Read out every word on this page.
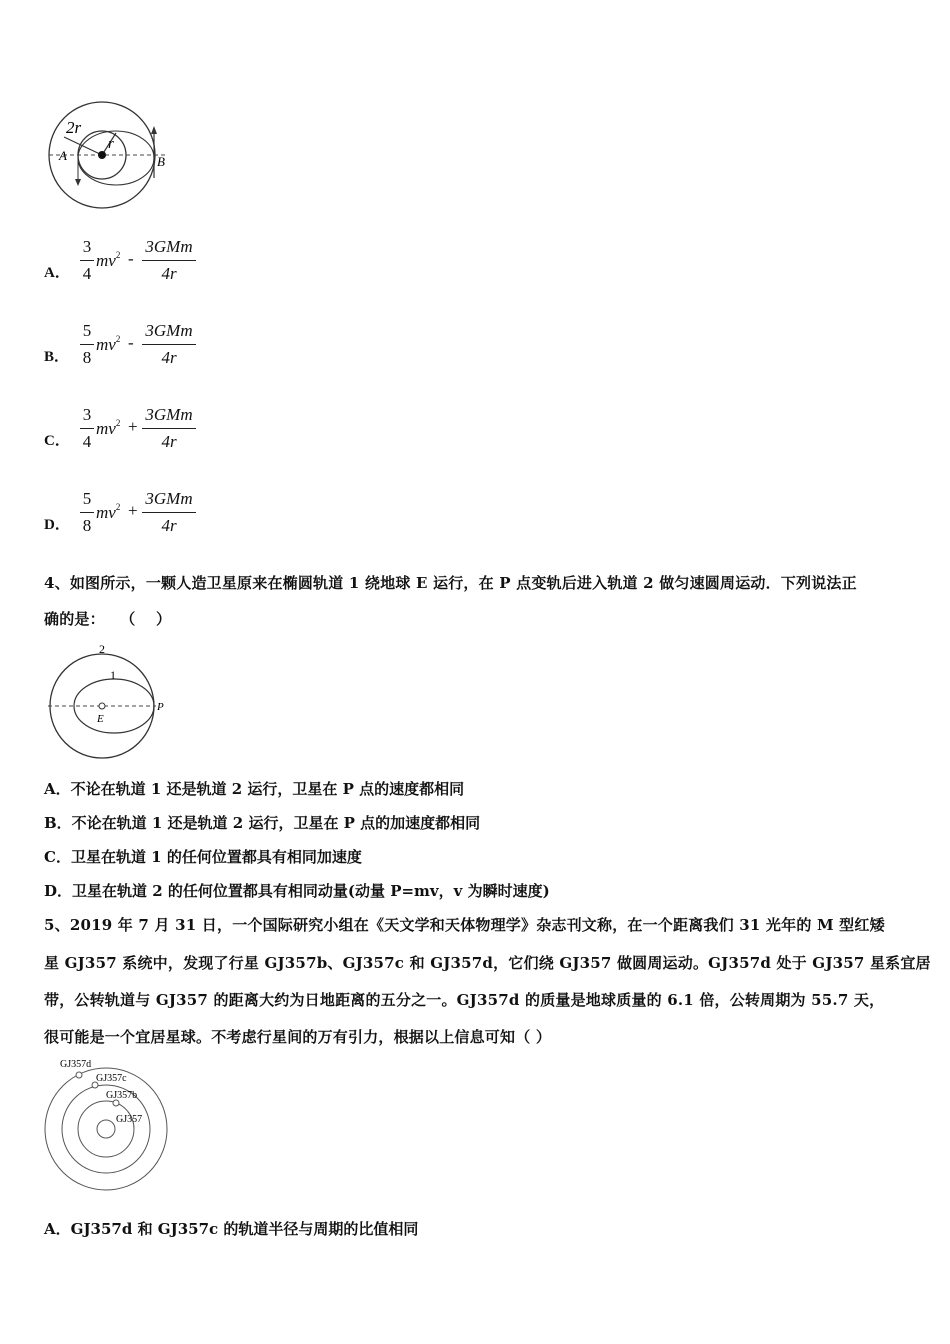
2r
r
A	B
A．
3
4
$mv^2$ -
3GMm
4r
B．
5
8
$mv^2$ -
3GMm
4r
C．
3
4
$mv^2$ +
3GMm
4r
D．
5
8
$mv^2$ +
3GMm
4r
4、如图所示，一颗人造卫星原来在椭圆轨道 1 绕地球 E 运行，在 P 点变轨后进入轨道 2 做匀速圆周运动．下列说法正
确的是：　　（　 ）
2
1
E
P
A．不论在轨道 1 还是轨道 2 运行，卫星在 P 点的速度都相同
B．不论在轨道 1 还是轨道 2 运行，卫星在 P 点的加速度都相同
C．卫星在轨道 1 的任何位置都具有相同加速度
D．卫星在轨道 2 的任何位置都具有相同动量(动量 P=mv，v 为瞬时速度)
5、2019 年 7 月 31 日，一个国际研究小组在《天文学和天体物理学》杂志刊文称，在一个距离我们 31 光年的 M 型红矮
星 GJ357 系统中，发现了行星 GJ357b、GJ357c 和 GJ357d，它们绕 GJ357 做圆周运动。GJ357d 处于 GJ357 星系宜居
带，公转轨道与 GJ357 的距离大约为日地距离的五分之一。GJ357d 的质量是地球质量的 6.1 倍，公转周期为 55.7 天，
很可能是一个宜居星球。不考虑行星间的万有引力，根据以上信息可知（ ）
GJ357d
GJ357c
GJ357b
GJ357
A．GJ357d 和 GJ357c 的轨道半径与周期的比值相同
